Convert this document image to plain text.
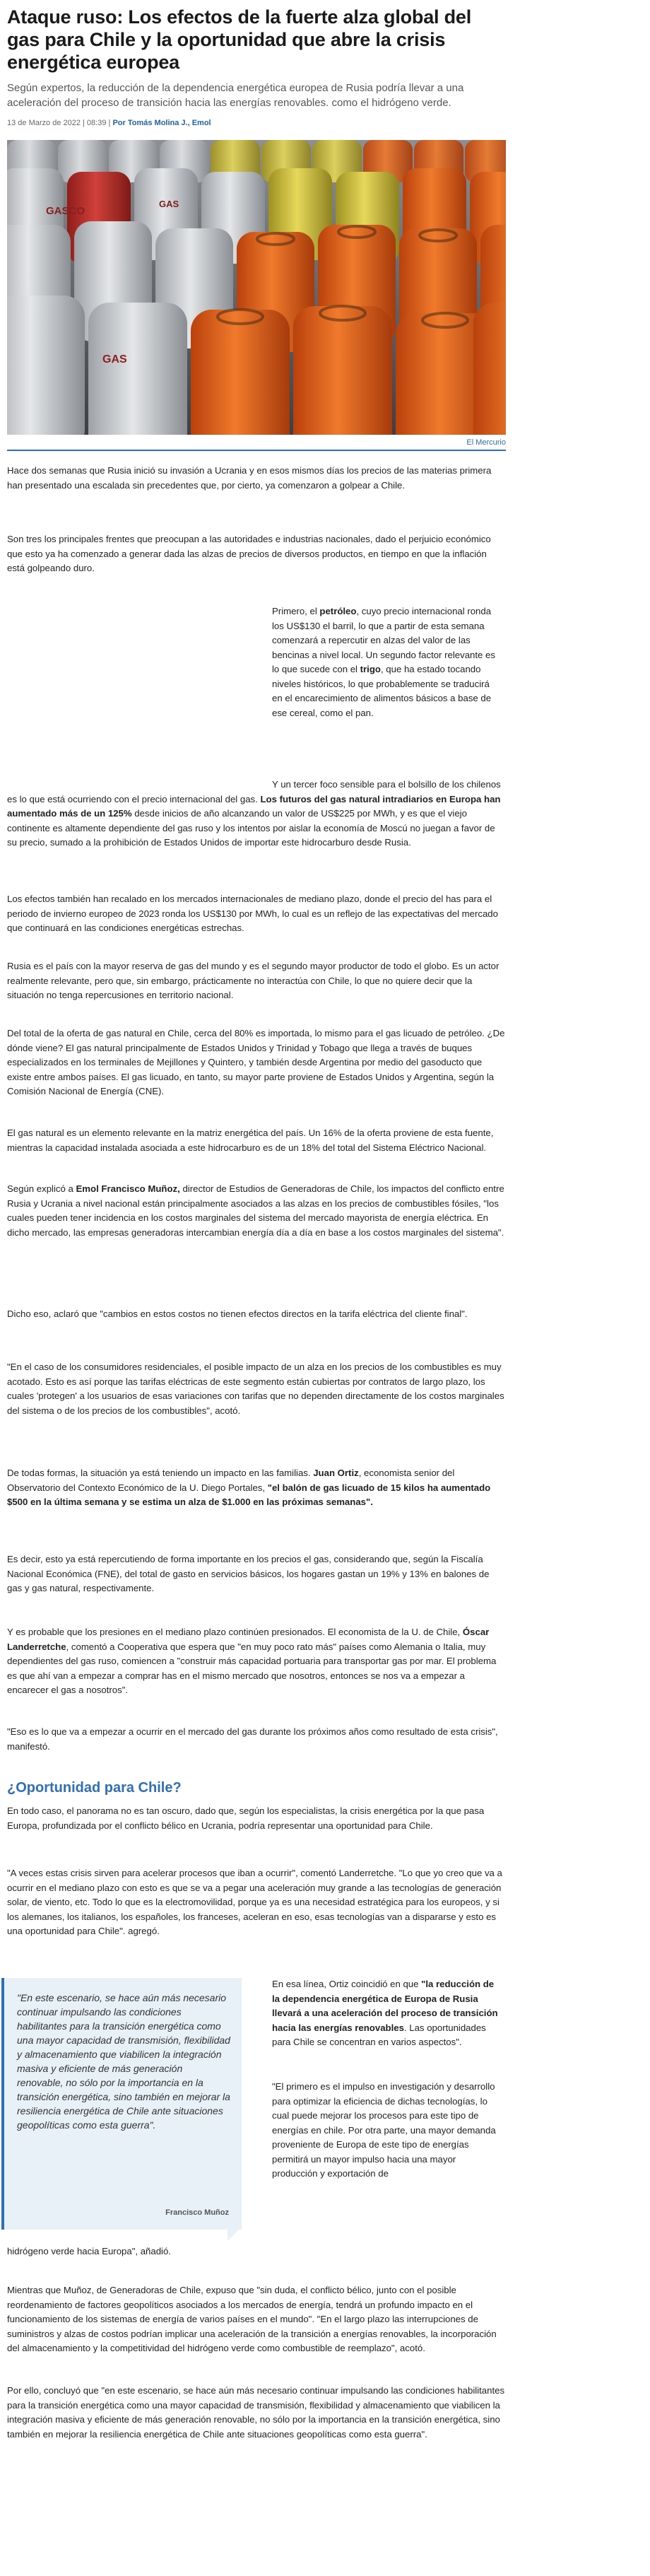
Ataque ruso: Los efectos de la fuerte alza global del gas para Chile y la oportunidad que abre la crisis energética europea

Según expertos, la reducción de la dependencia energética europea de Rusia podría llevar a una aceleración del proceso de transición hacia las energías renovables. como el hidrógeno verde.

13 de Marzo de 2022 | 08:39 | Por Tomás Molina J., Emol

GASCO
GAS
GAS
El Mercurio

Hace dos semanas que Rusia inició su invasión a Ucrania y en esos mismos días los precios de las materias primera han presentado una escalada sin precedentes que, por cierto, ya comenzaron a golpear a Chile.

Son tres los principales frentes que preocupan a las autoridades e industrias nacionales, dado el perjuicio económico que esto ya ha comenzado a generar dada las alzas de precios de diversos productos, en tiempo en que la inflación está golpeando duro.

Primero, el petróleo, cuyo precio internacional ronda los US$130 el barril, lo que a partir de esta semana comenzará a repercutir en alzas del valor de las bencinas a nivel local. Un segundo factor relevante es lo que sucede con el trigo, que ha estado tocando niveles históricos, lo que probablemente se traducirá en el encarecimiento de alimentos básicos a base de ese cereal, como el pan.

Y un tercer foco sensible para el bolsillo de los chilenos es lo que está ocurriendo con el precio internacional del gas. Los futuros del gas natural intradiarios en Europa han aumentado más de un 125% desde inicios de año alcanzando un valor de US$225 por MWh, y es que el viejo continente es altamente dependiente del gas ruso y los intentos por aislar la economía de Moscú no juegan a favor de su precio, sumado a la prohibición de Estados Unidos de importar este hidrocarburo desde Rusia.

Los efectos también han recalado en los mercados internacionales de mediano plazo, donde el precio del has para el periodo de invierno europeo de 2023 ronda los US$130 por MWh, lo cual es un reflejo de las expectativas del mercado que continuará en las condiciones energéticas estrechas.

Rusia es el país con la mayor reserva de gas del mundo y es el segundo mayor productor de todo el globo. Es un actor realmente relevante, pero que, sin embargo, prácticamente no interactúa con Chile, lo que no quiere decir que la situación no tenga repercusiones en territorio nacional.

Del total de la oferta de gas natural en Chile, cerca del 80% es importada, lo mismo para el gas licuado de petróleo. ¿De dónde viene? El gas natural principalmente de Estados Unidos y Trinidad y Tobago que llega a través de buques especializados en los terminales de Mejillones y Quintero, y también desde Argentina por medio del gasoducto que existe entre ambos países. El gas licuado, en tanto, su mayor parte proviene de Estados Unidos y Argentina, según la Comisión Nacional de Energía (CNE).

El gas natural es un elemento relevante en la matriz energética del país. Un 16% de la oferta proviene de esta fuente, mientras la capacidad instalada asociada a este hidrocarburo es de un 18% del total del Sistema Eléctrico Nacional.

Según explicó a Emol Francisco Muñoz, director de Estudios de Generadoras de Chile, los impactos del conflicto entre Rusia y Ucrania a nivel nacional están principalmente asociados a las alzas en los precios de combustibles fósiles, "los cuales pueden tener incidencia en los costos marginales del sistema del mercado mayorista de energía eléctrica. En dicho mercado, las empresas generadoras intercambian energía día a día en base a los costos marginales del sistema".

Dicho eso, aclaró que "cambios en estos costos no tienen efectos directos en la tarifa eléctrica del cliente final".

"En el caso de los consumidores residenciales, el posible impacto de un alza en los precios de los combustibles es muy acotado. Esto es así porque las tarifas eléctricas de este segmento están cubiertas por contratos de largo plazo, los cuales 'protegen' a los usuarios de esas variaciones con tarifas que no dependen directamente de los costos marginales del sistema o de los precios de los combustibles", acotó.

De todas formas, la situación ya está teniendo un impacto en las familias. Juan Ortiz, economista senior del Observatorio del Contexto Económico de la U. Diego Portales, "el balón de gas licuado de 15 kilos ha aumentado $500 en la última semana y se estima un alza de $1.000 en las próximas semanas".

Es decir, esto ya está repercutiendo de forma importante en los precios el gas, considerando que, según la Fiscalía Nacional Económica (FNE), del total de gasto en servicios básicos, los hogares gastan un 19% y 13% en balones de gas y gas natural, respectivamente.

Y es probable que los presiones en el mediano plazo continúen presionados. El economista de la U. de Chile, Óscar Landerretche, comentó a Cooperativa que espera que "en muy poco rato más" países como Alemania o Italia, muy dependientes del gas ruso, comiencen a "construir más capacidad portuaria para transportar gas por mar. El problema es que ahí van a empezar a comprar has en el mismo mercado que nosotros, entonces se nos va a empezar a encarecer el gas a nosotros".

"Eso es lo que va a empezar a ocurrir en el mercado del gas durante los próximos años como resultado de esta crisis", manifestó.

¿Oportunidad para Chile?

En todo caso, el panorama no es tan oscuro, dado que, según los especialistas, la crisis energética por la que pasa Europa, profundizada por el conflicto bélico en Ucrania, podría representar una oportunidad para Chile.

"A veces estas crisis sirven para acelerar procesos que iban a ocurrir", comentó Landerretche. "Lo que yo creo que va a ocurrir en el mediano plazo con esto es que se va a pegar una aceleración muy grande a las tecnologías de generación solar, de viento, etc. Todo lo que es la electromovilidad, porque ya es una necesidad estratégica para los europeos, y si los alemanes, los italianos, los españoles, los franceses, aceleran en eso, esas tecnologías van a dispararse y esto es una oportunidad para Chile". agregó.

"En este escenario, se hace aún más necesario continuar impulsando las condiciones habilitantes para la transición energética como una mayor capacidad de transmisión, flexibilidad y almacenamiento que viabilicen la integración masiva y eficiente de más generación renovable, no sólo por la importancia en la transición energética, sino también en mejorar la resiliencia energética de Chile ante situaciones geopolíticas como esta guerra".
Francisco Muñoz

En esa línea, Ortiz coincidió en que "la reducción de la dependencia energética de Europa de Rusia llevará a una aceleración del proceso de transición hacia las energías renovables. Las oportunidades para Chile se concentran en varios aspectos".

"El primero es el impulso en investigación y desarrollo para optimizar la eficiencia de dichas tecnologías, lo cual puede mejorar los procesos para este tipo de energías en chile. Por otra parte, una mayor demanda proveniente de Europa de este tipo de energías permitirá un mayor impulso hacia una mayor producción y exportación de

hidrógeno verde hacia Europa", añadió.

Mientras que Muñoz, de Generadoras de Chile, expuso que "sin duda, el conflicto bélico, junto con el posible reordenamiento de factores geopolíticos asociados a los mercados de energía, tendrá un profundo impacto en el funcionamiento de los sistemas de energía de varios países en el mundo". "En el largo plazo las interrupciones de suministros y alzas de costos podrían implicar una aceleración de la transición a energías renovables, la incorporación del almacenamiento y la competitividad del hidrógeno verde como combustible de reemplazo", acotó.

Por ello, concluyó que "en este escenario, se hace aún más necesario continuar impulsando las condiciones habilitantes para la transición energética como una mayor capacidad de transmisión, flexibilidad y almacenamiento que viabilicen la integración masiva y eficiente de más generación renovable, no sólo por la importancia en la transición energética, sino también en mejorar la resiliencia energética de Chile ante situaciones geopolíticas como esta guerra".
